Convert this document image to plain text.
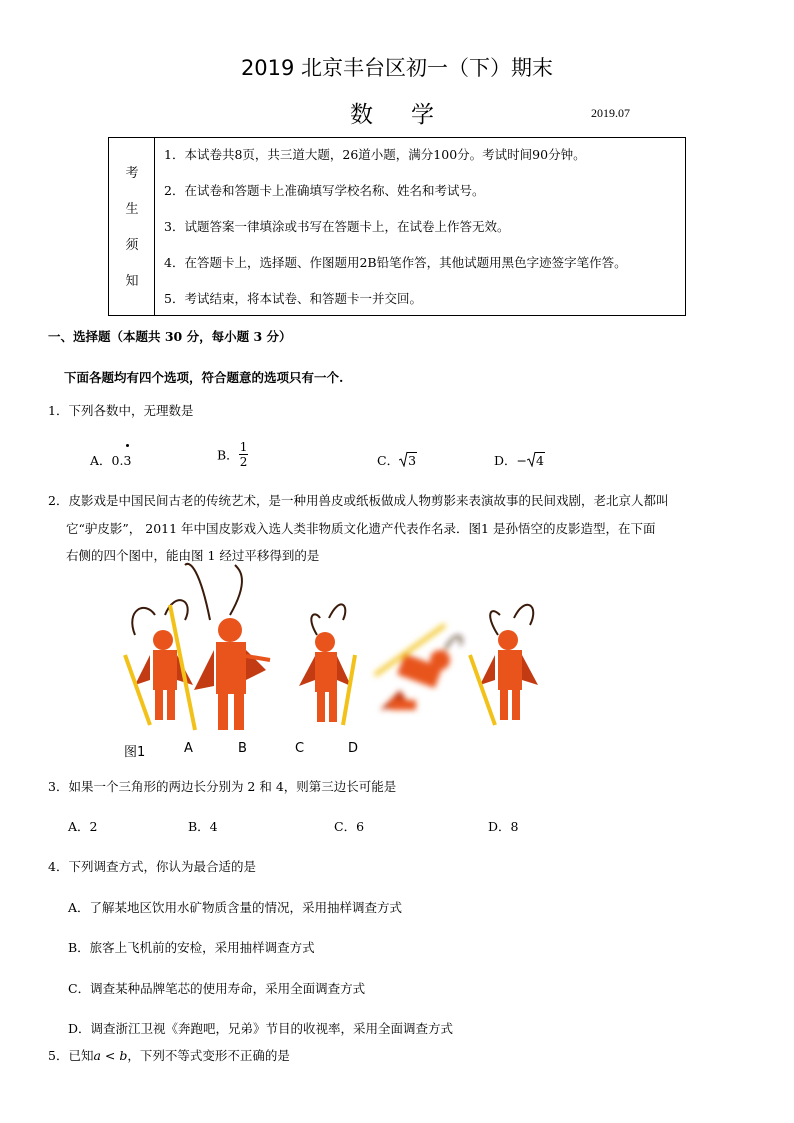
2019 北京丰台区初一（下）期末
数学	2019.07
考
生
须
知
1．本试卷共8页，共三道大题，26道小题，满分100分。考试时间90分钟。
2．在试卷和答题卡上准确填写学校名称、姓名和考试号。
3．试题答案一律填涂或书写在答题卡上，在试卷上作答无效。
4．在答题卡上，选择题、作图题用2B铅笔作答，其他试题用黑色字迹签字笔作答。
5．考试结束，将本试卷、和答题卡一并交回。
一、选择题（本题共 30 分，每小题 3 分）
下面各题均有四个选项，符合题意的选项只有一个.
1．下列各数中，无理数是
A．0.3	B． $\frac{1}{2}$	C． 3	D．− 4
2．皮影戏是中国民间古老的传统艺术，是一种用兽皮或纸板做成人物剪影来表演故事的民间戏剧，老北京人都叫
它“驴皮影”， 2011 年中国皮影戏入选人类非物质文化遗产代表作名录．图1 是孙悟空的皮影造型，在下面
右侧的四个图中，能由图 1 经过平移得到的是
图1	A	B	C	D
3．如果一个三角形的两边长分别为 2 和 4，则第三边长可能是
A．2	B．4	C．6	D．8
4．下列调查方式，你认为最合适的是
A．了解某地区饮用水矿物质含量的情况，采用抽样调查方式
B．旅客上飞机前的安检，采用抽样调查方式
C．调查某种品牌笔芯的使用寿命，采用全面调查方式
D．调查浙江卫视《奔跑吧，兄弟》节目的收视率，采用全面调查方式
5．已知a < b，下列不等式变形不正确的是
